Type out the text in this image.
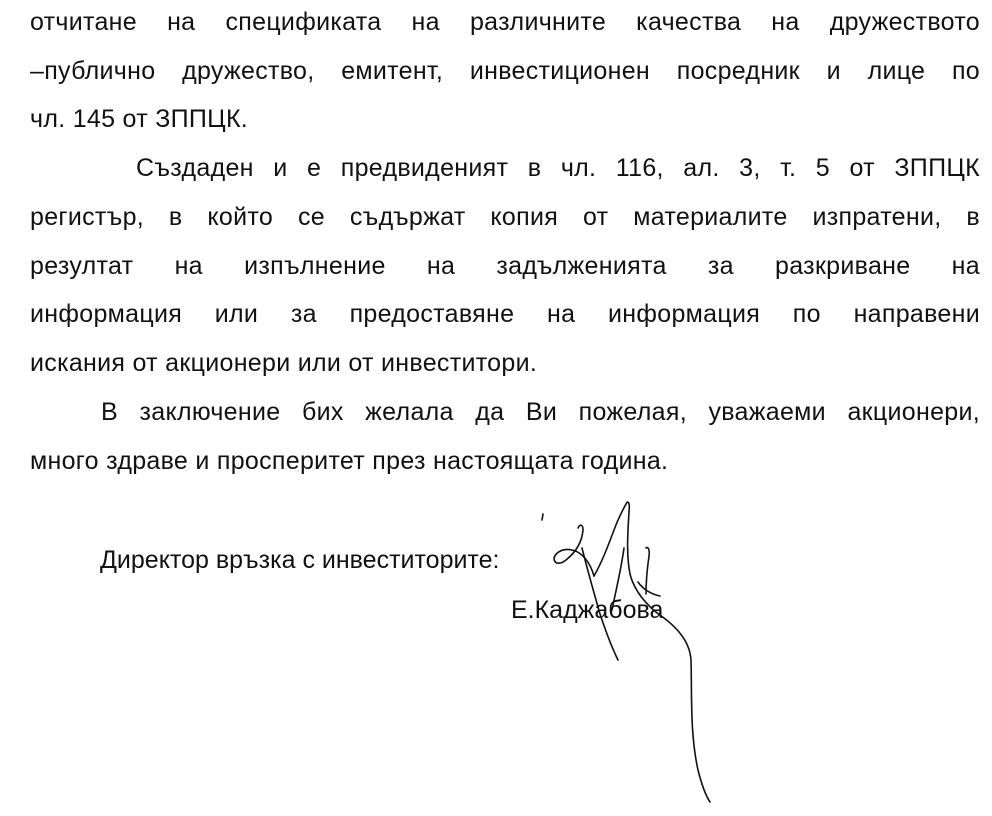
отчитане на спецификата на различните качества на дружеството
–публично дружество, емитент, инвестиционен посредник и лице по
чл. 145 от ЗППЦК.
Създаден и е предвиденият в чл. 116, ал. 3, т. 5 от ЗППЦК
регистър, в който се съдържат копия от материалите изпратени, в
резултат на изпълнение на задълженията за разкриване на
информация или за предоставяне на информация по направени
искания от акционери или от инвеститори.
В заключение бих желала да Ви пожелая, уважаеми акционери,
много здраве и просперитет през настоящата година.
Директор връзка с инвеститорите:
Е.Каджабова
